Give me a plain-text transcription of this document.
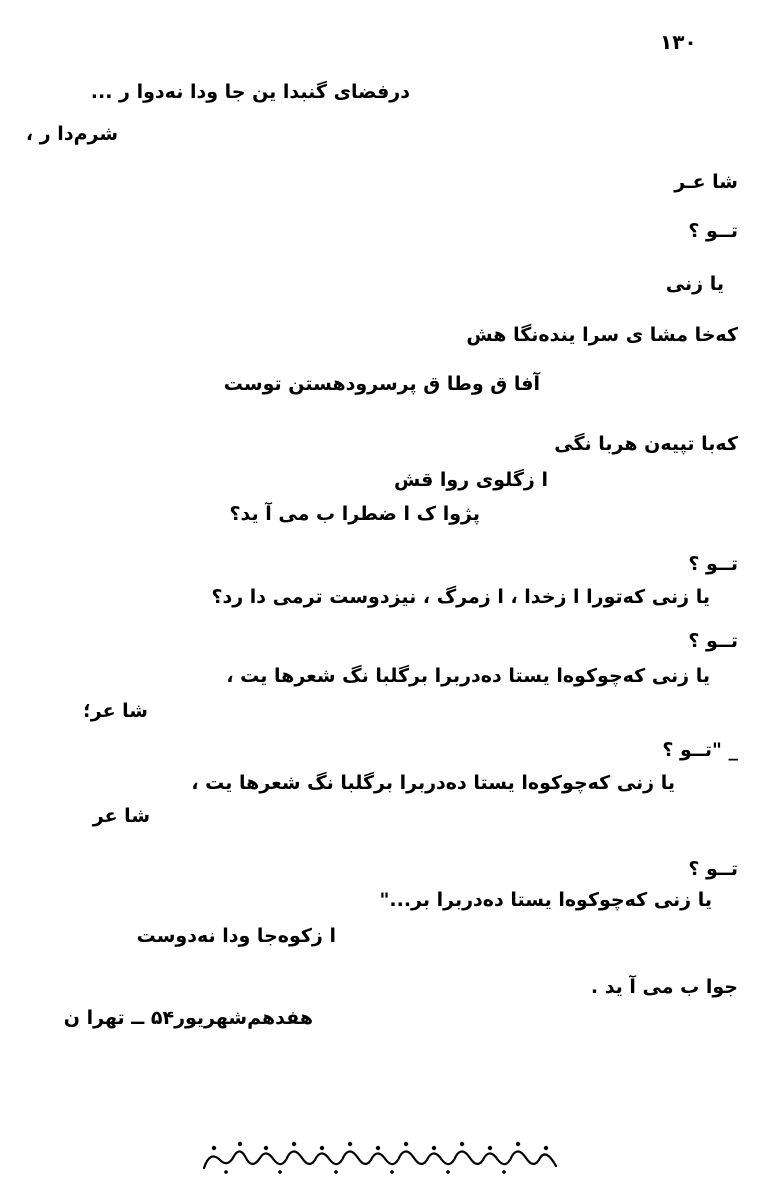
۱۳۰
درفضای گنبدا ین جا ودا نه‌دوا ر ...
شرم‌دا ر ،
شا عـر
تــو ؟
یا زنی
که‌خا مشا ی سرا ینده‌نگا هش
آفا ق وطا ق پرسرودهستن توست
که‌با تپیه‌ن هربا نگی
ا زگلوی روا قش
پژوا ک ا ضطرا ب می آ ید؟
تــو ؟
یا زنی که‌تورا ا زخدا ، ا زمرگ ، نیزدوست ترمی دا رد؟
تــو ؟
یا زنی که‌چوکوه‌ا یستا ده‌دربرا برگلبا نگ شعرها یت ،
شا عر؛
_ "تــو ؟
یا زنی که‌چوکوه‌ا یستا ده‌دربرا برگلبا نگ شعرها یت ،
شا عر
تــو ؟
یا زنی که‌چوکوه‌ا یستا ده‌دربرا بر..."
ا زکوه‌جا ودا نه‌دوست
جوا ب می آ ید .
هفدهم‌شهریور۵۴ ــ تهرا ن
